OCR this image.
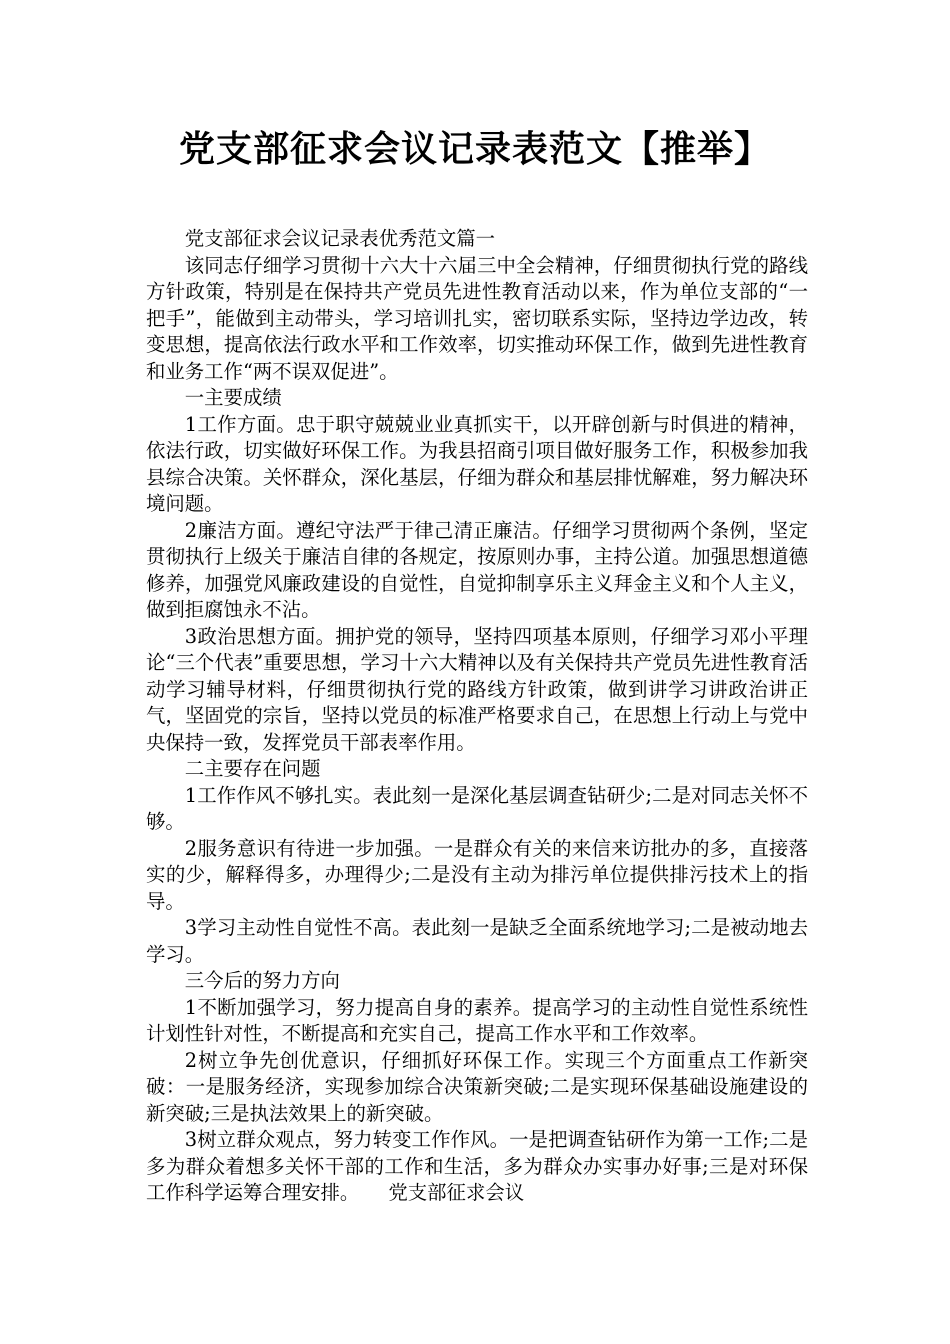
党支部征求会议记录表范文【推举】

党支部征求会议记录表优秀范文篇一

该同志仔细学习贯彻十六大十六届三中全会精神，仔细贯彻执行党的路线方针政策，特别是在保持共产党员先进性教育活动以来，作为单位支部的“一把手”，能做到主动带头，学习培训扎实，密切联系实际，坚持边学边改，转变思想，提高依法行政水平和工作效率，切实推动环保工作，做到先进性教育和业务工作“两不误双促进”。

一主要成绩

1工作方面。忠于职守兢兢业业真抓实干，以开辟创新与时俱进的精神，依法行政，切实做好环保工作。为我县招商引项目做好服务工作，积极参加我县综合决策。关怀群众，深化基层，仔细为群众和基层排忧解难，努力解决环境问题。

2廉洁方面。遵纪守法严于律己清正廉洁。仔细学习贯彻两个条例，坚定贯彻执行上级关于廉洁自律的各规定，按原则办事，主持公道。加强思想道德修养，加强党风廉政建设的自觉性，自觉抑制享乐主义拜金主义和个人主义，做到拒腐蚀永不沾。

3政治思想方面。拥护党的领导，坚持四项基本原则，仔细学习邓小平理论“三个代表”重要思想，学习十六大精神以及有关保持共产党员先进性教育活动学习辅导材料，仔细贯彻执行党的路线方针政策，做到讲学习讲政治讲正气，坚固党的宗旨，坚持以党员的标准严格要求自己，在思想上行动上与党中央保持一致，发挥党员干部表率作用。

二主要存在问题

1工作作风不够扎实。表此刻一是深化基层调查钻研少;二是对同志关怀不够。

2服务意识有待进一步加强。一是群众有关的来信来访批办的多，直接落实的少，解释得多，办理得少;二是没有主动为排污单位提供排污技术上的指导。

3学习主动性自觉性不高。表此刻一是缺乏全面系统地学习;二是被动地去学习。

三今后的努力方向

1不断加强学习，努力提高自身的素养。提高学习的主动性自觉性系统性计划性针对性，不断提高和充实自己，提高工作水平和工作效率。

2树立争先创优意识，仔细抓好环保工作。实现三个方面重点工作新突破：一是服务经济，实现参加综合决策新突破;二是实现环保基础设施建设的新突破;三是执法效果上的新突破。

3树立群众观点，努力转变工作作风。一是把调查钻研作为第一工作;二是多为群众着想多关怀干部的工作和生活，多为群众办实事办好事;三是对环保工作科学运筹合理安排。　　党支部征求会议
